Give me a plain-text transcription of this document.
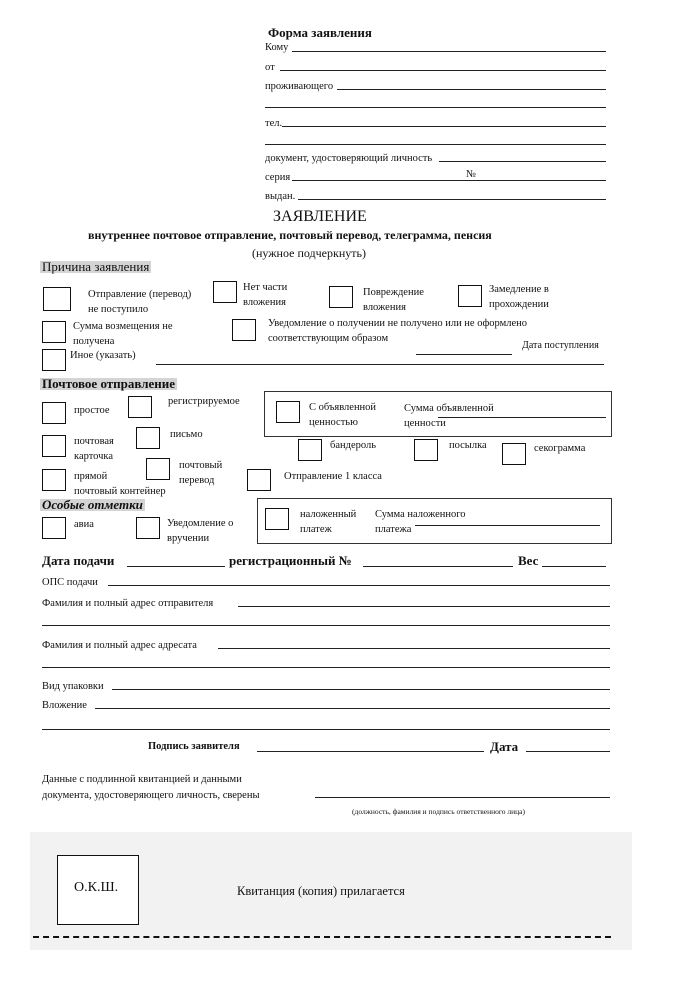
Форма заявления
Кому
от
проживающего
тел.
документ, удостоверяющий личность
серия	№
выдан.
ЗАЯВЛЕНИЕ
внутреннее почтовое отправление, почтовый перевод, телеграмма, пенсия
(нужное подчеркнуть)
Причина заявления
Отправление (перевод)
не поступило
Нет части
вложения
Повреждение
вложения
Замедление в
прохождении
Сумма возмещения не
получена
Уведомление о получении не получено или не оформлено
соответствующим образом
Иное (указать)
Дата поступления
Почтовое отправление
простое
регистрируемое
С объявленной
ценностью
Сумма объявленной
ценности
почтовая
карточка
письмо
бандероль	посылка	секограмма
прямой
почтовый контейнер
почтовый
перевод	Отправление 1 класса
Особые отметки
авиа	Уведомление о
вручении
наложенный
платеж
Сумма наложенного
платежа
Дата подачи	регистрационный №	Вес
ОПС подачи
Фамилия и полный адрес отправителя
Фамилия и полный адрес адресата
Вид упаковки
Вложение
Подпись заявителя	Дата
Данные с подлинной квитанцией и данными
документа, удостоверяющего личность, сверены
(должность, фамилия и подпись ответственного лица)
О.К.Ш.	Квитанция (копия) прилагается
